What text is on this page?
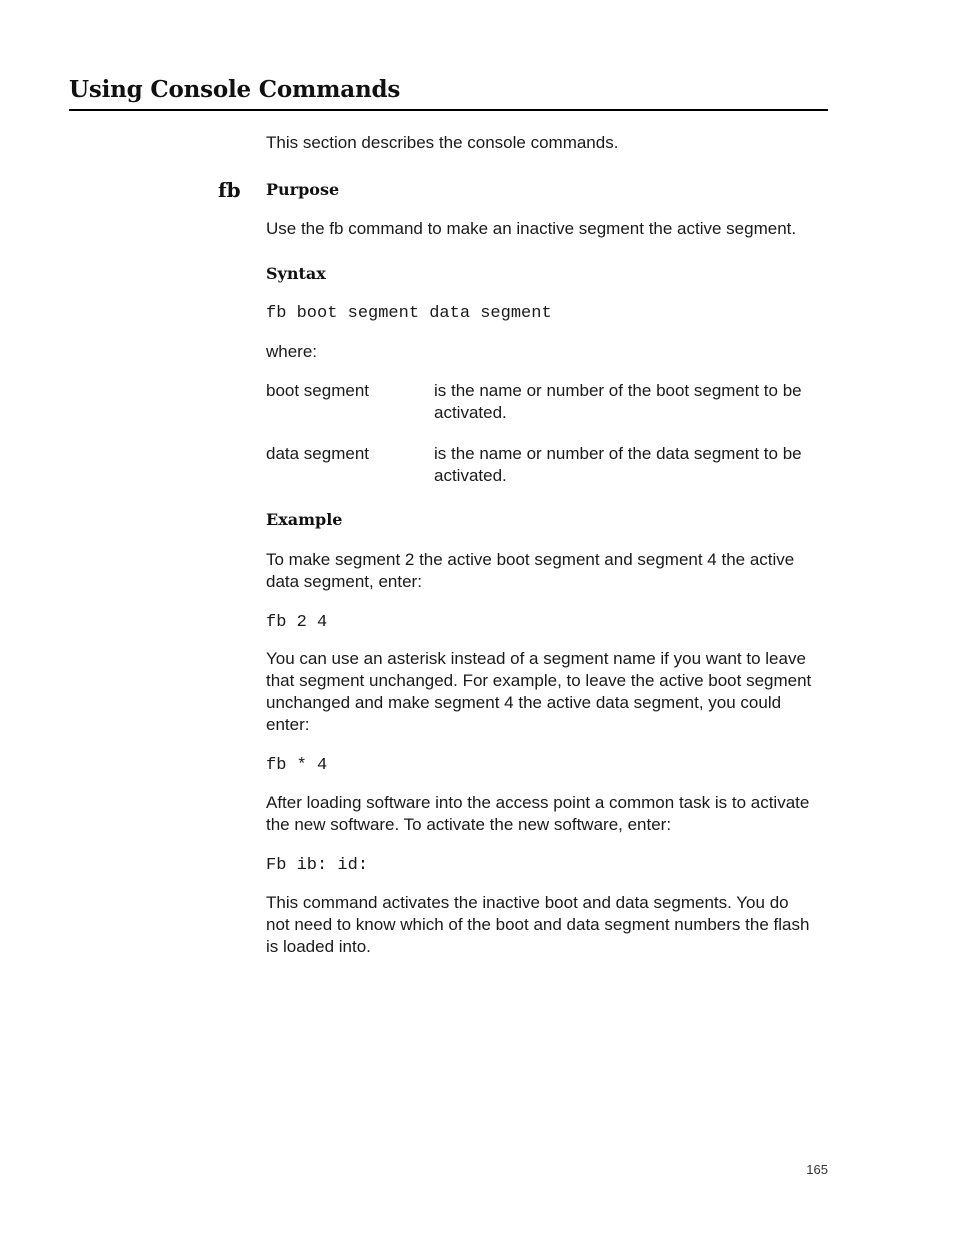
Using Console Commands

This section describes the console commands.

fb Purpose

Use the fb command to make an inactive segment the active segment.

Syntax
fb boot segment data segment

where:

boot segment	is the name or number of the boot segment to be activated.
data segment	is the name or number of the data segment to be activated.
Example

To make segment 2 the active boot segment and segment 4 the active data segment, enter:

fb 2 4

You can use an asterisk instead of a segment name if you want to leave that segment unchanged. For example, to leave the active boot segment unchanged and make segment 4 the active data segment, you could enter:

fb * 4

After loading software into the access point a common task is to activate the new software. To activate the new software, enter:

Fb ib: id:

This command activates the inactive boot and data segments. You do not need to know which of the boot and data segment numbers the flash is loaded into.

165
